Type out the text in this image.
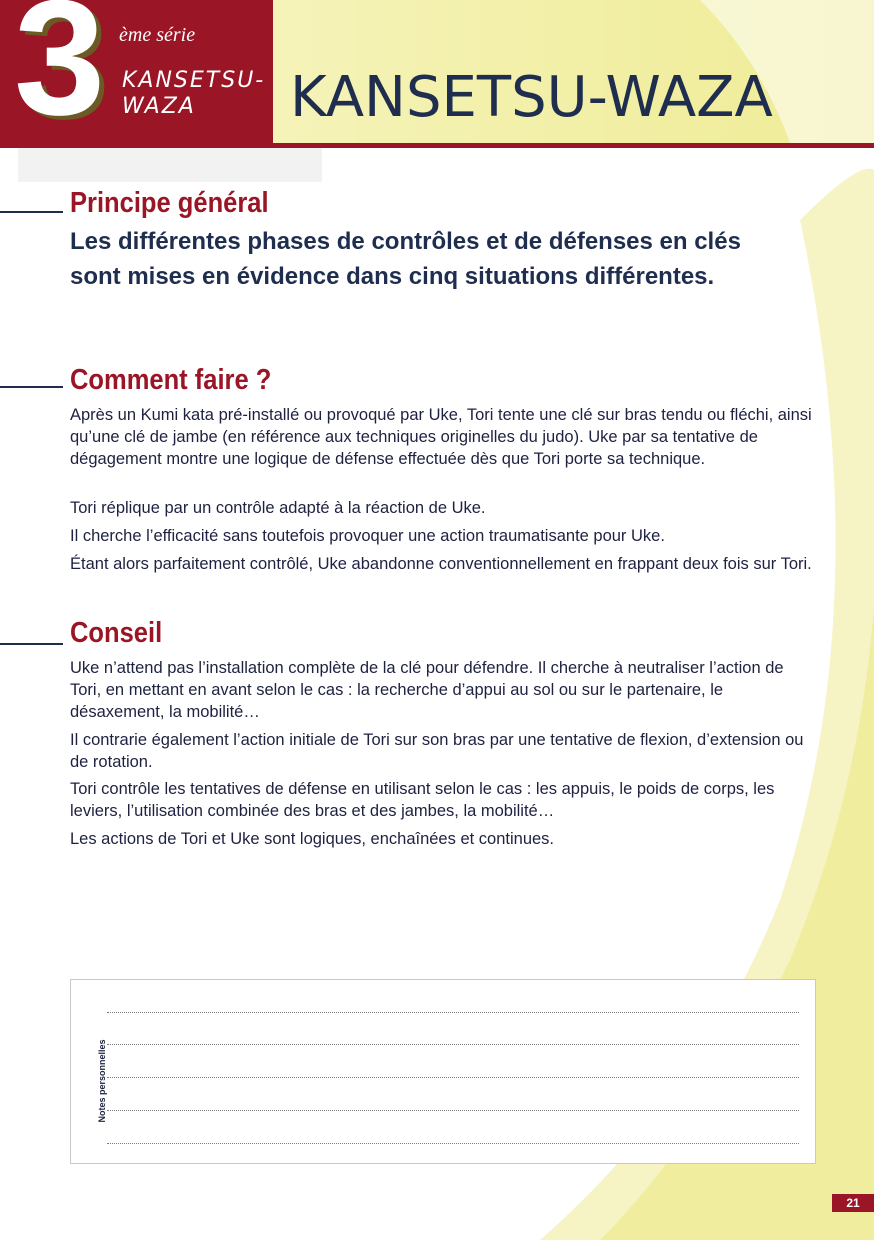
3 ème série
KANSETSU-WAZA	KANSETSU-WAZA
Principe général

Les différentes phases de contrôles et de défenses en clés sont mises en évidence dans cinq situations différentes.

Comment faire ?

Après un Kumi kata pré-installé ou provoqué par Uke, Tori tente une clé sur bras tendu ou fléchi, ainsi qu’une clé de jambe (en référence aux techniques originelles du judo). Uke par sa tentative de dégagement montre une logique de défense effectuée dès que Tori porte sa technique.

Tori réplique par un contrôle adapté à la réaction de Uke.

Il cherche l’efficacité sans toutefois provoquer une action traumatisante pour Uke.

Étant alors parfaitement contrôlé, Uke abandonne conventionnellement en frappant deux fois sur Tori.

Conseil

Uke n’attend pas l’installation complète de la clé pour défendre. Il cherche à neutraliser l’action de Tori, en mettant en avant selon le cas : la recherche d’appui au sol ou sur le partenaire, le désaxement, la mobilité…

Il contrarie également l’action initiale de Tori sur son bras par une tentative de flexion, d’extension ou de rotation.

Tori contrôle les tentatives de défense en utilisant selon le cas : les appuis, le poids de corps, les leviers, l’utilisation combinée des bras et des jambes, la mobilité…

Les actions de Tori et Uke sont logiques, enchaînées et continues.

Notes personnelles
21
